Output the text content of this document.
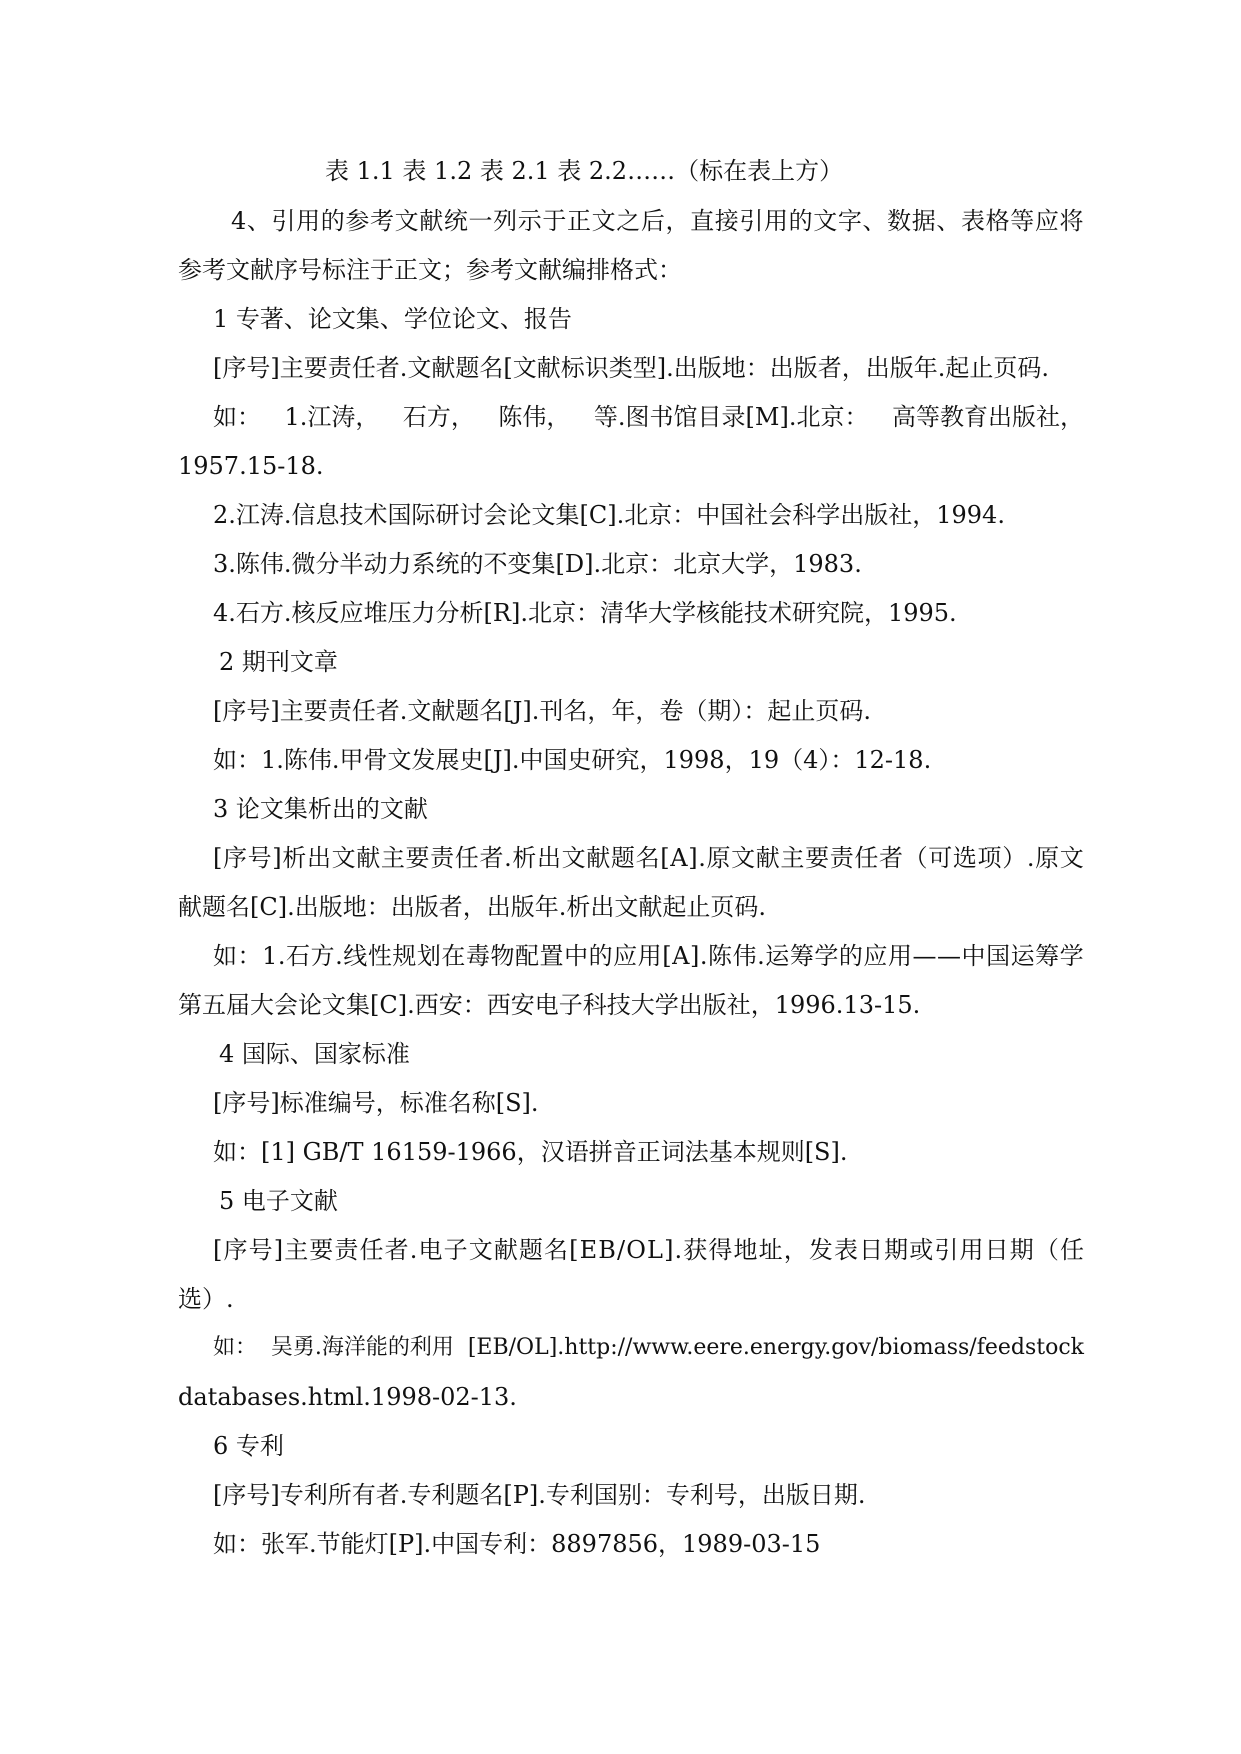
表 1.1 表 1.2 表 2.1 表 2.2……（标在表上方）
4 、 引 用 的 参 考 文 献 统 一 列 示 于 正 文 之 后 ， 直 接 引 用 的 文 字 、 数 据 、 表 格 等 应 将
参考文献序号标注于正文；参考文献编排格式：
1 专著、论文集、学位论文、报告
[序号]主要责任者.文献题名[文献标识类型].出版地：出版者，出版年.起止页码.
如： 1.江涛， 石方， 陈伟， 等.图书馆目录[M].北京： 高等教育出版社，
1957.15-18.
2.江涛.信息技术国际研讨会论文集[C].北京：中国社会科学出版社，1994.
3.陈伟.微分半动力系统的不变集[D].北京：北京大学，1983.
4.石方.核反应堆压力分析[R].北京：清华大学核能技术研究院，1995.
2 期刊文章
[序号]主要责任者.文献题名[J].刊名，年，卷（期）：起止页码.
如：1.陈伟.甲骨文发展史[J].中国史研究，1998，19（4）：12-18.
3 论文集析出的文献
[ 序 号 ] 析 出 文 献 主 要 责 任 者 . 析 出 文 献 题 名 [ A ] . 原 文 献 主 要 责 任 者 （ 可 选 项 ） . 原 文
献题名[C].出版地：出版者，出版年.析出文献起止页码.
如 ： 1 . 石 方 . 线 性 规 划 在 毒 物 配 置 中 的 应 用 [ A ] . 陈 伟 . 运 筹 学 的 应 用 — — 中 国 运 筹 学
第五届大会论文集[C].西安：西安电子科技大学出版社，1996.13-15.
4 国际、国家标准
[序号]标准编号，标准名称[S].
如：[1] GB/T 16159-1966，汉语拼音正词法基本规则[S].
5 电子文献
[ 序 号 ] 主 要 责 任 者 . 电 子 文 献 题 名 [ E B / O L ] . 获 得 地 址 ， 发 表 日 期 或 引 用 日 期 （ 任
选）.
如： 吴勇.海洋能的利用 [EB/OL].http://www.eere.energy.gov/biomass/feedstock
databases.html.1998-02-13.
6 专利
[序号]专利所有者.专利题名[P].专利国别：专利号，出版日期.
如：张军.节能灯[P].中国专利：8897856，1989-03-15
